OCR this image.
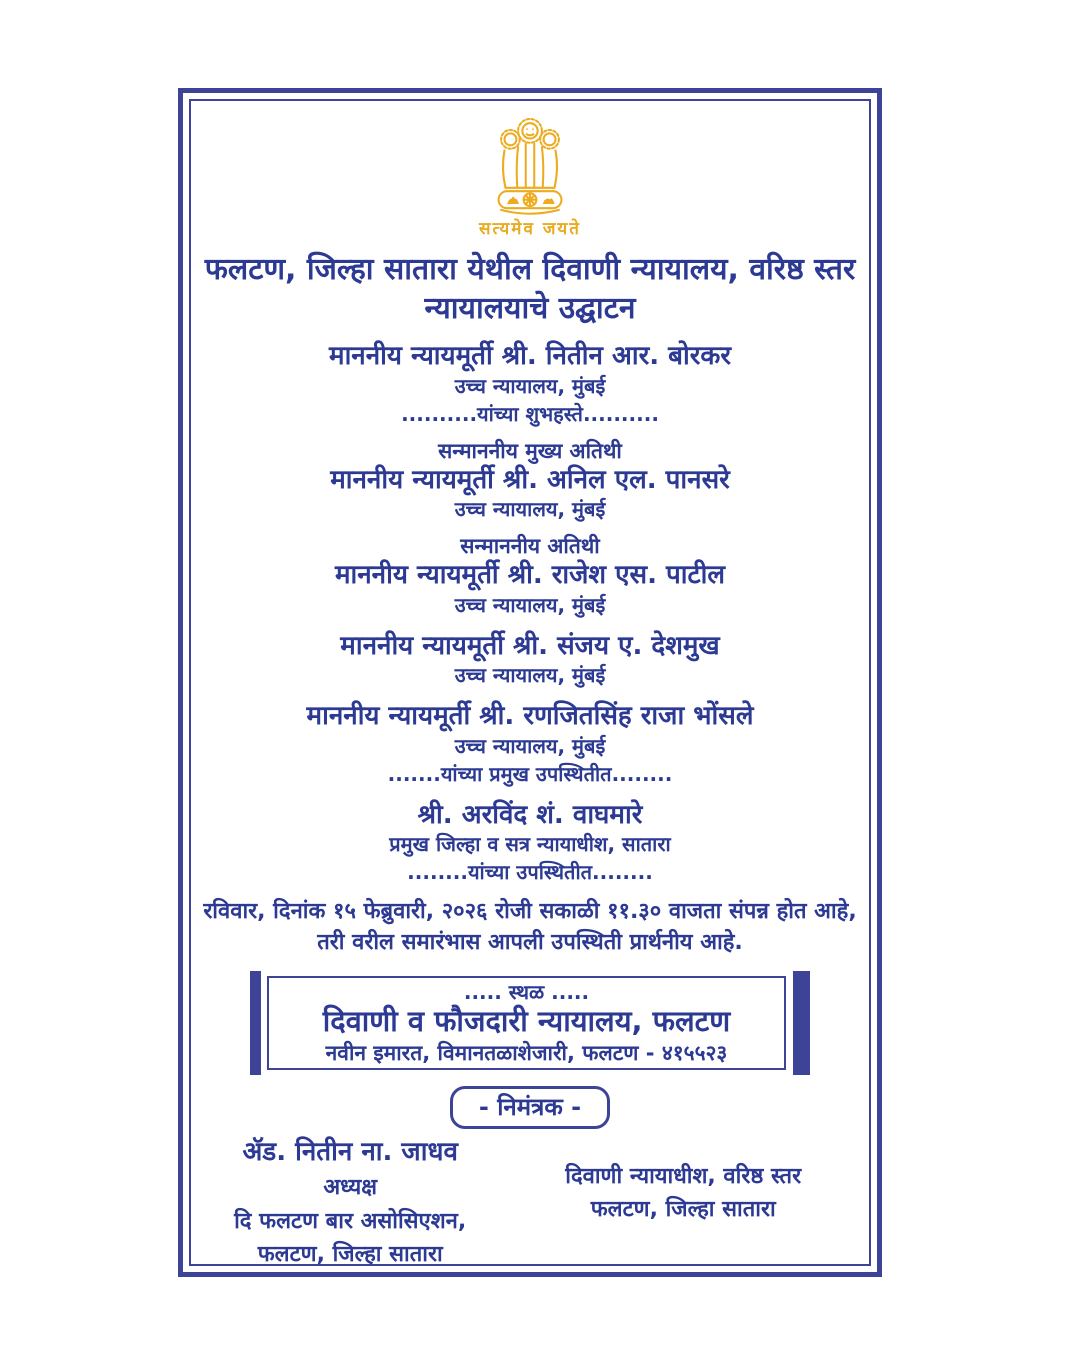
सत्यमेव जयते
फलटण, जिल्हा सातारा येथील दिवाणी न्यायालय, वरिष्ठ स्तर
न्यायालयाचे उद्घाटन
माननीय न्यायमूर्ती श्री. नितीन आर. बोरकर
उच्च न्यायालय, मुंबई
..........यांच्या शुभहस्ते..........
सन्माननीय मुख्य अतिथी
माननीय न्यायमूर्ती श्री. अनिल एल. पानसरे
उच्च न्यायालय, मुंबई
सन्माननीय अतिथी
माननीय न्यायमूर्ती श्री. राजेश एस. पाटील
उच्च न्यायालय, मुंबई
माननीय न्यायमूर्ती श्री. संजय ए. देशमुख
उच्च न्यायालय, मुंबई
माननीय न्यायमूर्ती श्री. रणजितसिंह राजा भोंसले
उच्च न्यायालय, मुंबई
.......यांच्या प्रमुख उपस्थितीत........
श्री. अरविंद शं. वाघमारे
प्रमुख जिल्हा व सत्र न्यायाधीश, सातारा
........यांच्या उपस्थितीत........
रविवार, दिनांक १५ फेब्रुवारी, २०२६ रोजी सकाळी ११.३० वाजता संपन्न होत आहे,
तरी वरील समारंभास आपली उपस्थिती प्रार्थनीय आहे.
..... स्थळ .....
दिवाणी व फौजदारी न्यायालय, फलटण
नवीन इमारत, विमानतळाशेजारी, फलटण - ४१५५२३
- निमंत्रक -
ॲड. नितीन ना. जाधव
अध्यक्ष
दि फलटण बार असोसिएशन,
फलटण, जिल्हा सातारा
दिवाणी न्यायाधीश, वरिष्ठ स्तर
फलटण, जिल्हा सातारा
